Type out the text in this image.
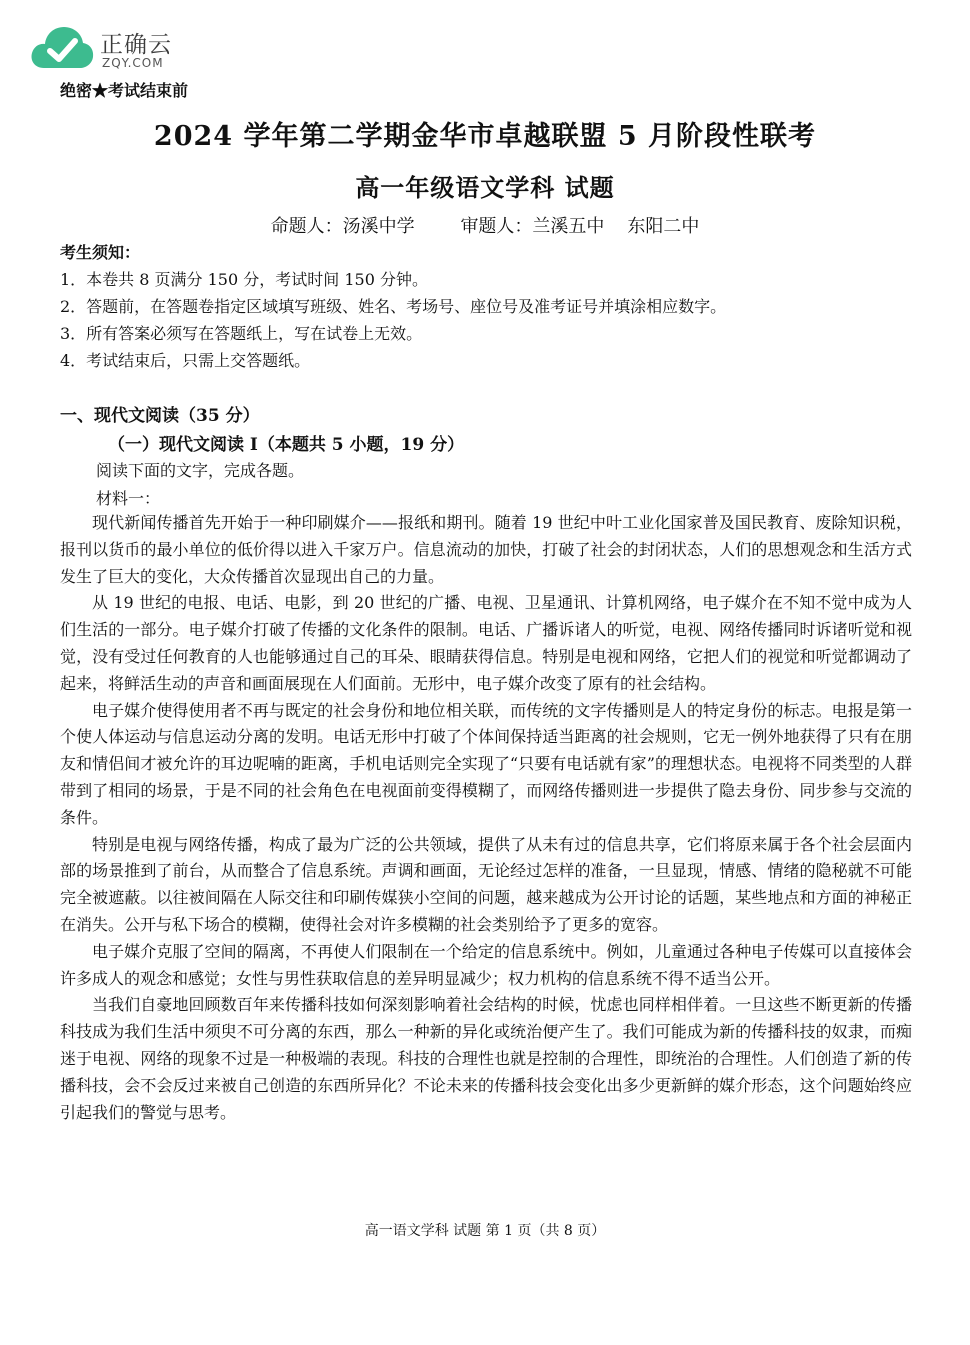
正确云
ZQY.COM
绝密★考试结束前
2024 学年第二学期金华市卓越联盟 5 月阶段性联考
高一年级语文学科 试题
命题人：汤溪中学	审题人：兰溪五中    东阳二中
考生须知：
1．本卷共 8 页满分 150 分，考试时间 150 分钟。
2．答题前，在答题卷指定区域填写班级、姓名、考场号、座位号及准考证号并填涂相应数字。
3．所有答案必须写在答题纸上，写在试卷上无效。
4．考试结束后，只需上交答题纸。
一、现代文阅读（35 分）
（一）现代文阅读 I（本题共 5 小题，19 分）
阅读下面的文字，完成各题。
材料一：

现代新闻传播首先开始于一种印刷媒介——报纸和期刊。随着 19 世纪中叶工业化国家普及国民教育、废除知识税，报刊以货币的最小单位的低价得以进入千家万户。信息流动的加快，打破了社会的封闭状态，人们的思想观念和生活方式发生了巨大的变化，大众传播首次显现出自己的力量。

从 19 世纪的电报、电话、电影，到 20 世纪的广播、电视、卫星通讯、计算机网络，电子媒介在不知不觉中成为人们生活的一部分。电子媒介打破了传播的文化条件的限制。电话、广播诉诸人的听觉，电视、网络传播同时诉诸听觉和视觉，没有受过任何教育的人也能够通过自己的耳朵、眼睛获得信息。特别是电视和网络，它把人们的视觉和听觉都调动了起来，将鲜活生动的声音和画面展现在人们面前。无形中，电子媒介改变了原有的社会结构。

电子媒介使得使用者不再与既定的社会身份和地位相关联，而传统的文字传播则是人的特定身份的标志。电报是第一个使人体运动与信息运动分离的发明。电话无形中打破了个体间保持适当距离的社会规则，它无一例外地获得了只有在朋友和情侣间才被允许的耳边呢喃的距离，手机电话则完全实现了“只要有电话就有家”的理想状态。电视将不同类型的人群带到了相同的场景，于是不同的社会角色在电视面前变得模糊了，而网络传播则进一步提供了隐去身份、同步参与交流的条件。

特别是电视与网络传播，构成了最为广泛的公共领域，提供了从未有过的信息共享，它们将原来属于各个社会层面内部的场景推到了前台，从而整合了信息系统。声调和画面，无论经过怎样的准备，一旦显现，情感、情绪的隐秘就不可能完全被遮蔽。以往被间隔在人际交往和印刷传媒狭小空间的问题，越来越成为公开讨论的话题，某些地点和方面的神秘正在消失。公开与私下场合的模糊，使得社会对许多模糊的社会类别给予了更多的宽容。

电子媒介克服了空间的隔离，不再使人们限制在一个给定的信息系统中。例如，儿童通过各种电子传媒可以直接体会许多成人的观念和感觉；女性与男性获取信息的差异明显减少；权力机构的信息系统不得不适当公开。

当我们自豪地回顾数百年来传播科技如何深刻影响着社会结构的时候，忧虑也同样相伴着。一旦这些不断更新的传播科技成为我们生活中须臾不可分离的东西，那么一种新的异化或统治便产生了。我们可能成为新的传播科技的奴隶，而痴迷于电视、网络的现象不过是一种极端的表现。科技的合理性也就是控制的合理性，即统治的合理性。人们创造了新的传播科技，会不会反过来被自己创造的东西所异化？不论未来的传播科技会变化出多少更新鲜的媒介形态，这个问题始终应引起我们的警觉与思考。

高一语文学科 试题 第 1 页（共 8 页）
